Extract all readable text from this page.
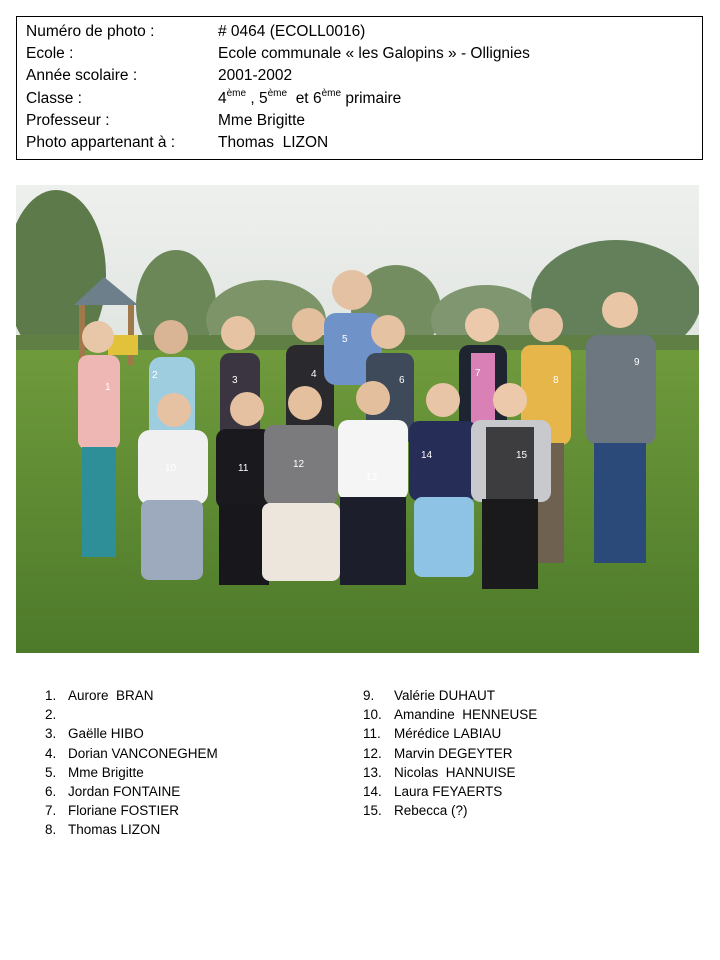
Numéro de photo :	# 0464 (ECOLL0016)
Ecole :	Ecole communale « les Galopins » - Ollignies
Année scolaire :	2001-2002
Classe :	4ème , 5ème  et 6ème primaire
Professeur :	Mme Brigitte
Photo appartenant à :	Thomas  LIZON
1
2	3
4
5
6
7
8
9
10	11	12
13
14	15
1. Aurore  BRAN
2.
3. Gaëlle HIBO
4. Dorian VANCONEGHEM
5. Mme Brigitte
6. Jordan FONTAINE
7. Floriane FOSTIER
8. Thomas LIZON
9.	Valérie DUHAUT
10. Amandine  HENNEUSE
11. Mérédice LABIAU
12. Marvin DEGEYTER
13. Nicolas  HANNUISE
14. Laura FEYAERTS
15. Rebecca (?)
